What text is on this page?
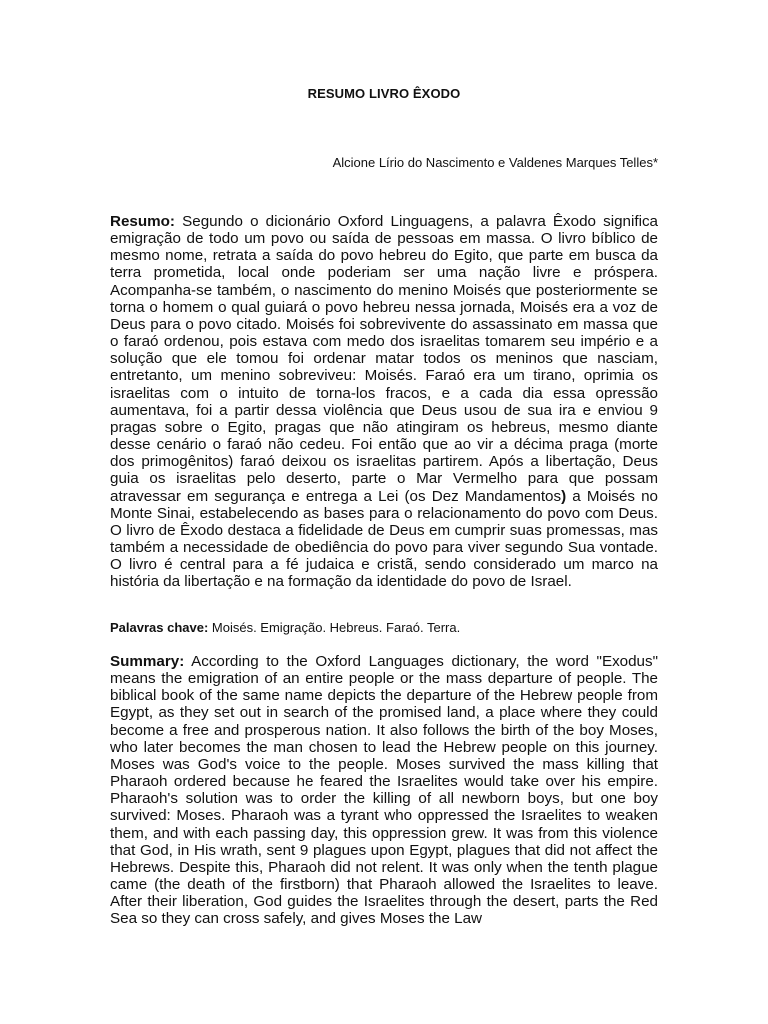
RESUMO LIVRO ÊXODO
Alcione Lírio do Nascimento e Valdenes Marques Telles*

Resumo: Segundo o dicionário Oxford Linguagens, a palavra Êxodo significa emigração de todo um povo ou saída de pessoas em massa. O livro bíblico de mesmo nome, retrata a saída do povo hebreu do Egito, que parte em busca da terra prometida, local onde poderiam ser uma nação livre e próspera. Acompanha-se também, o nascimento do menino Moisés que posteriormente se torna o homem o qual guiará o povo hebreu nessa jornada, Moisés era a voz de Deus para o povo citado. Moisés foi sobrevivente do assassinato em massa que o faraó ordenou, pois estava com medo dos israelitas tomarem seu império e a solução que ele tomou foi ordenar matar todos os meninos que nasciam, entretanto, um menino sobreviveu: Moisés. Faraó era um tirano, oprimia os israelitas com o intuito de torna-los fracos, e a cada dia essa opressão aumentava, foi a partir dessa violência que Deus usou de sua ira e enviou 9 pragas sobre o Egito, pragas que não atingiram os hebreus, mesmo diante desse cenário o faraó não cedeu. Foi então que ao vir a décima praga (morte dos primogênitos) faraó deixou os israelitas partirem. Após a libertação, Deus guia os israelitas pelo deserto, parte o Mar Vermelho para que possam atravessar em segurança e entrega a Lei (os Dez Mandamentos) a Moisés no Monte Sinai, estabelecendo as bases para o relacionamento do povo com Deus. O livro de Êxodo destaca a fidelidade de Deus em cumprir suas promessas, mas também a necessidade de obediência do povo para viver segundo Sua vontade. O livro é central para a fé judaica e cristã, sendo considerado um marco na história da libertação e na formação da identidade do povo de Israel.

Palavras chave: Moisés. Emigração. Hebreus. Faraó. Terra.

Summary: According to the Oxford Languages dictionary, the word "Exodus" means the emigration of an entire people or the mass departure of people. The biblical book of the same name depicts the departure of the Hebrew people from Egypt, as they set out in search of the promised land, a place where they could become a free and prosperous nation. It also follows the birth of the boy Moses, who later becomes the man chosen to lead the Hebrew people on this journey. Moses was God's voice to the people. Moses survived the mass killing that Pharaoh ordered because he feared the Israelites would take over his empire. Pharaoh's solution was to order the killing of all newborn boys, but one boy survived: Moses. Pharaoh was a tyrant who oppressed the Israelites to weaken them, and with each passing day, this oppression grew. It was from this violence that God, in His wrath, sent 9 plagues upon Egypt, plagues that did not affect the Hebrews. Despite this, Pharaoh did not relent. It was only when the tenth plague came (the death of the firstborn) that Pharaoh allowed the Israelites to leave. After their liberation, God guides the Israelites through the desert, parts the Red Sea so they can cross safely, and gives Moses the Law
